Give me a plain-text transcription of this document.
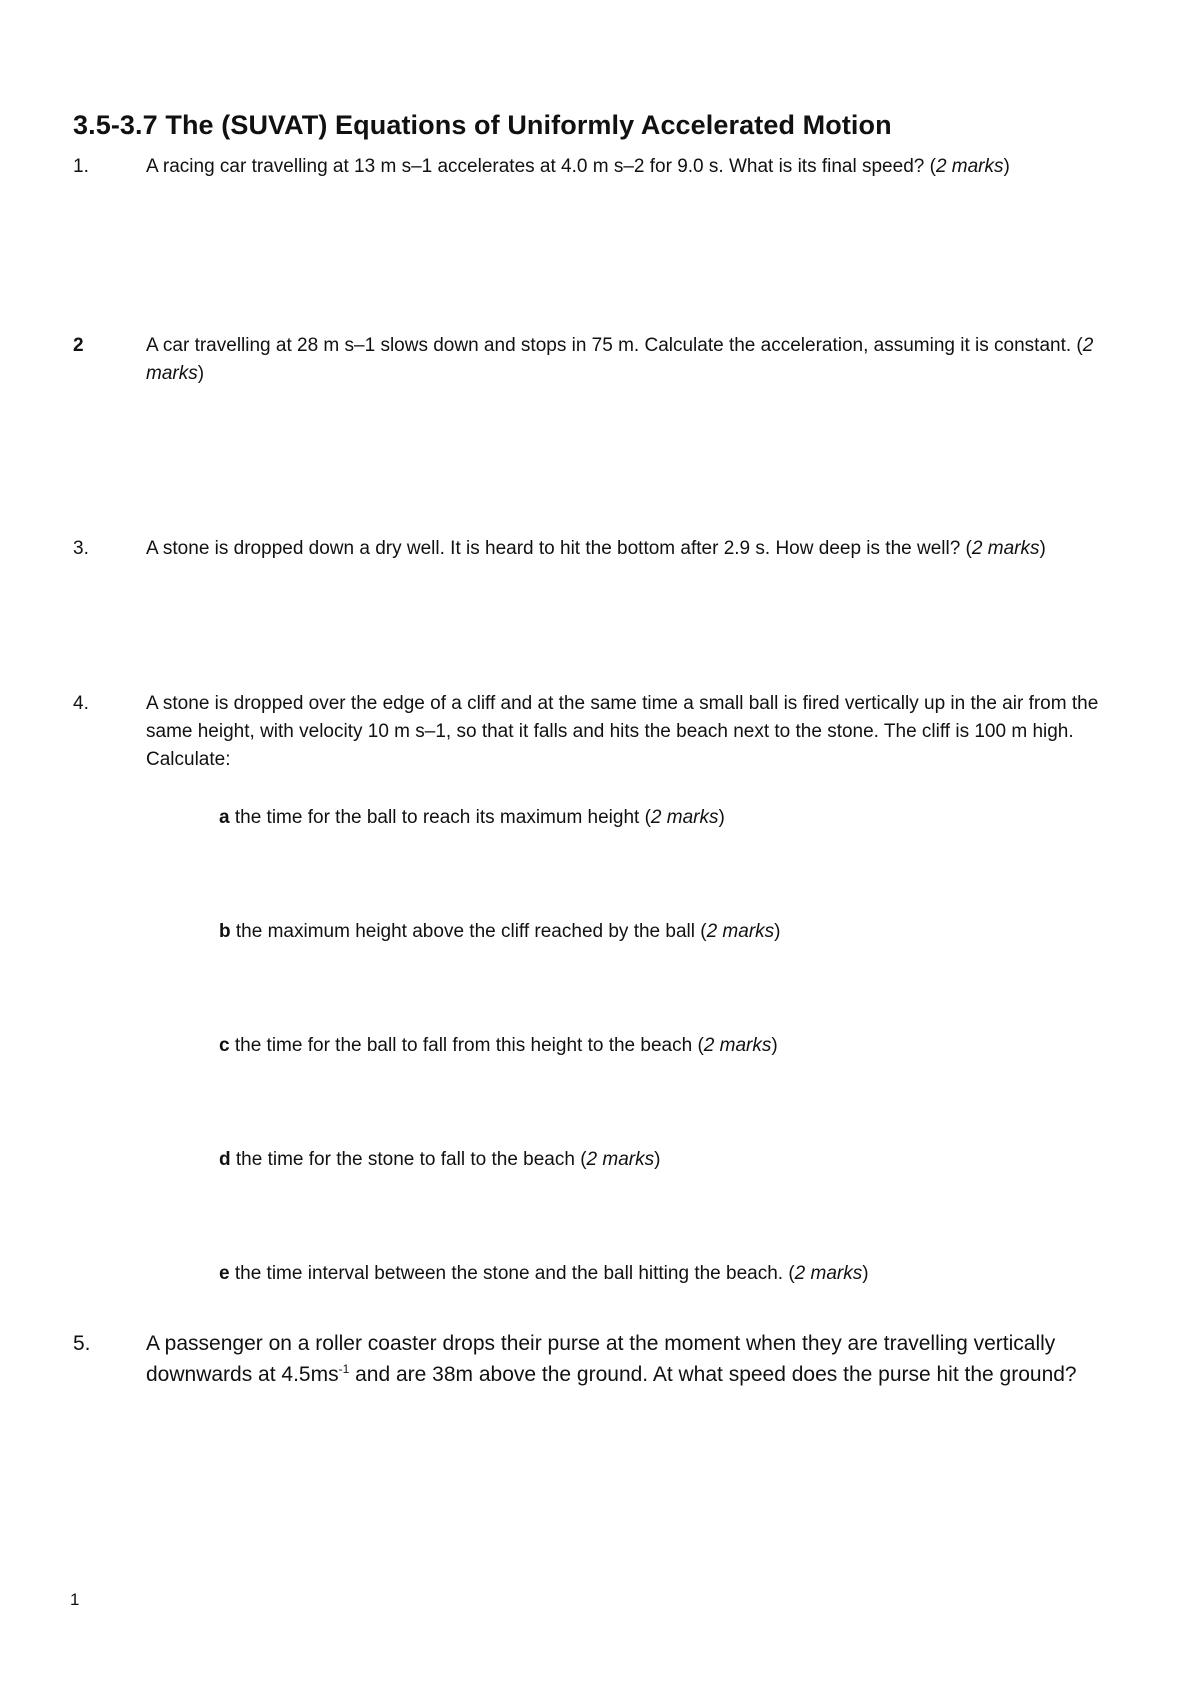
3.5-3.7 The (SUVAT) Equations of Uniformly Accelerated Motion
1.	A racing car travelling at 13 m s–1 accelerates at 4.0 m s–2 for 9.0 s. What is its final speed? (2 marks)
2	A car travelling at 28 m s–1 slows down and stops in 75 m. Calculate the acceleration, assuming it is constant. (2 marks)
3.	A stone is dropped down a dry well. It is heard to hit the bottom after 2.9 s. How deep is the well? (2 marks)
4.	A stone is dropped over the edge of a cliff and at the same time a small ball is fired vertically up in the air from the same height, with velocity 10 m s–1, so that it falls and hits the beach next to the stone. The cliff is 100 m high. Calculate:
a the time for the ball to reach its maximum height (2 marks)
b the maximum height above the cliff reached by the ball (2 marks)
c the time for the ball to fall from this height to the beach (2 marks)
d the time for the stone to fall to the beach (2 marks)
e the time interval between the stone and the ball hitting the beach. (2 marks)
5.	A passenger on a roller coaster drops their purse at the moment when they are travelling vertically downwards at $4.5ms^{-1}$ and are 38m above the ground. At what speed does the purse hit the ground?
1
